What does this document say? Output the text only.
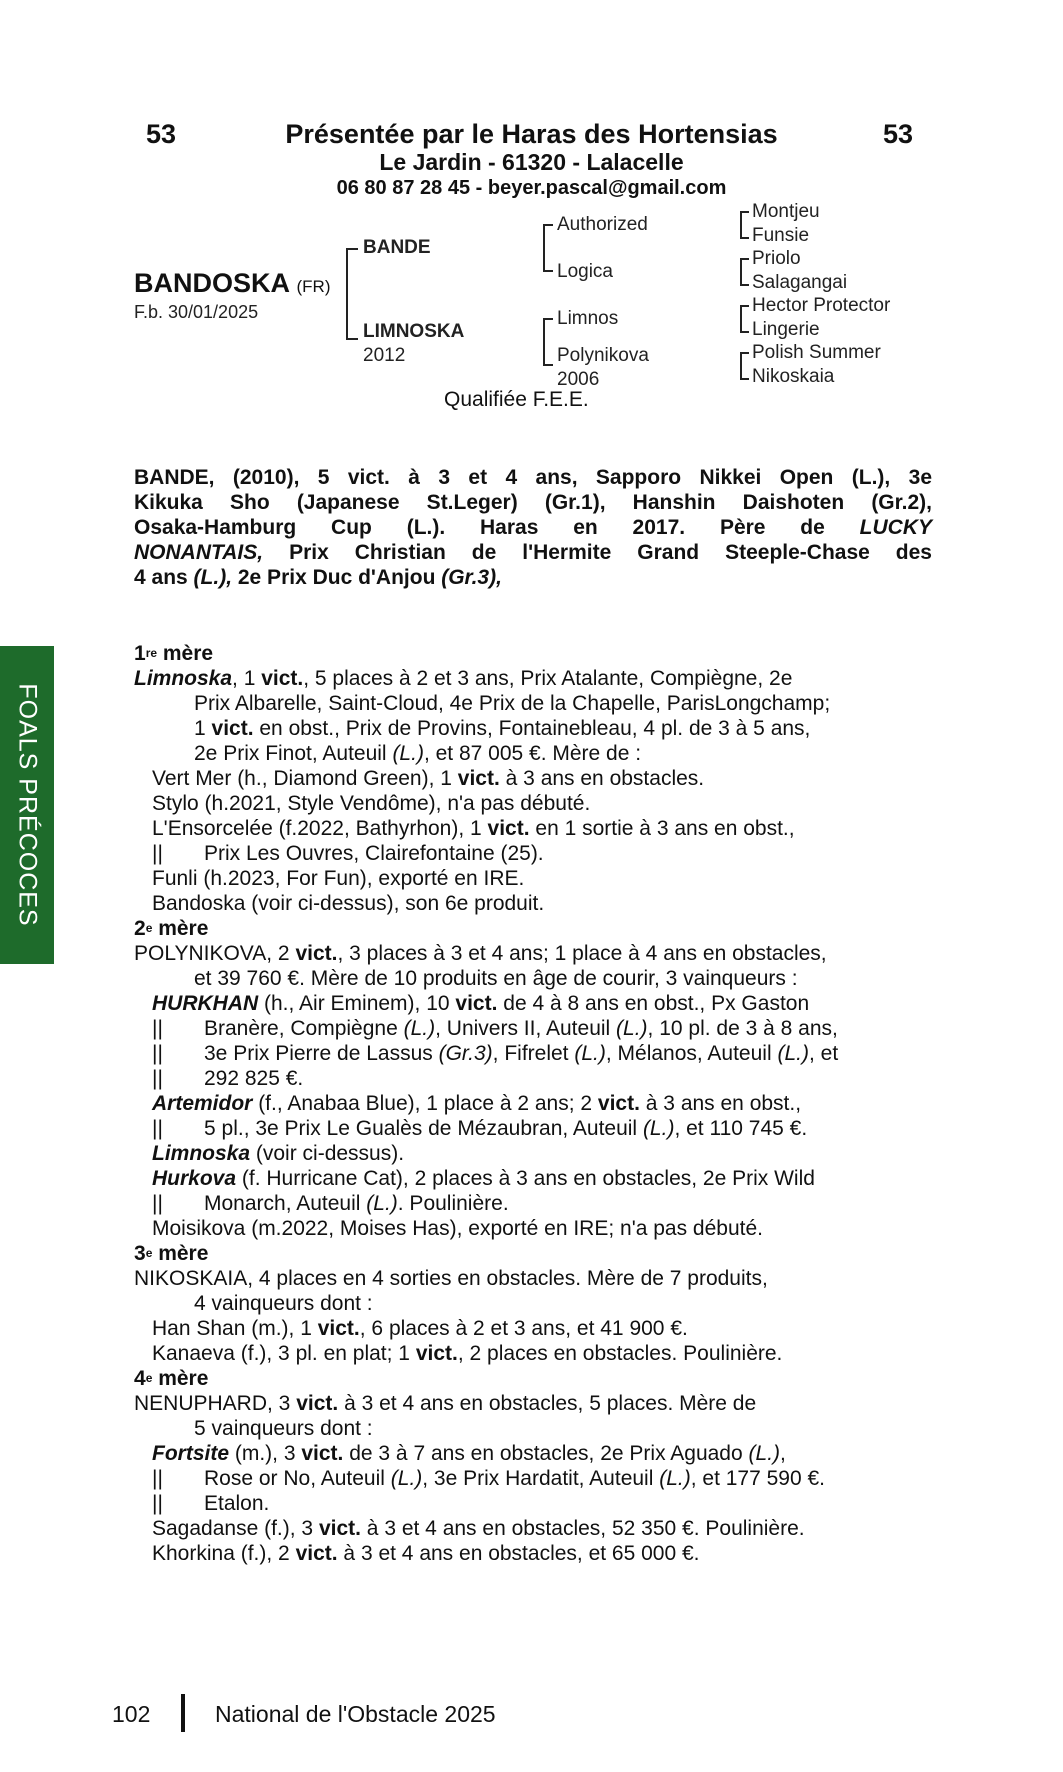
53	53
Présentée par le Haras des Hortensias
Le Jardin - 61320 - Lalacelle
06 80 87 28 45 - beyer.pascal@gmail.com
BANDOSKA (FR)
F.b. 30/01/2025
BANDE
LIMNOSKA
2012
Authorized
Logica
Limnos
Polynikova
2006
Montjeu
Funsie
Priolo
Salagangai
Hector Protector
Lingerie
Polish Summer
Nikoskaia
Qualifiée F.E.E.
BANDE, (2010), 5 vict. à 3 et 4 ans, Sapporo Nikkei Open (L.), 3e
Kikuka Sho (Japanese St.Leger) (Gr.1), Hanshin Daishoten (Gr.2),
Osaka-Hamburg Cup (L.). Haras en 2017. Père de LUCKY
NONANTAIS, Prix Christian de l'Hermite Grand Steeple-Chase des
4 ans (L.), 2e Prix Duc d'Anjou (Gr.3),
FOALS PRÉCOCES
1re mère
Limnoska, 1 vict., 5 places à 2 et 3 ans, Prix Atalante, Compiègne, 2e
Prix Albarelle, Saint-Cloud, 4e Prix de la Chapelle, ParisLongchamp;
1 vict. en obst., Prix de Provins, Fontainebleau, 4 pl. de 3 à 5 ans,
2e Prix Finot, Auteuil (L.), et 87 005 €. Mère de :
Vert Mer (h., Diamond Green), 1 vict. à 3 ans en obstacles.
Stylo (h.2021, Style Vendôme), n'a pas débuté.
L'Ensorcelée (f.2022, Bathyrhon), 1 vict. en 1 sortie à 3 ans en obst.,
|| Prix Les Ouvres, Clairefontaine (25).
Funli (h.2023, For Fun), exporté en IRE.
Bandoska (voir ci-dessus), son 6e produit.
2e mère
POLYNIKOVA, 2 vict., 3 places à 3 et 4 ans; 1 place à 4 ans en obstacles,
et 39 760 €. Mère de 10 produits en âge de courir, 3 vainqueurs :
HURKHAN (h., Air Eminem), 10 vict. de 4 à 8 ans en obst., Px Gaston
|| Branère, Compiègne (L.), Univers II, Auteuil (L.), 10 pl. de 3 à 8 ans,
|| 3e Prix Pierre de Lassus (Gr.3), Fifrelet (L.), Mélanos, Auteuil (L.), et
|| 292 825 €.
Artemidor (f., Anabaa Blue), 1 place à 2 ans; 2 vict. à 3 ans en obst.,
|| 5 pl., 3e Prix Le Gualès de Mézaubran, Auteuil (L.), et 110 745 €.
Limnoska (voir ci-dessus).
Hurkova (f. Hurricane Cat), 2 places à 3 ans en obstacles, 2e Prix Wild
|| Monarch, Auteuil (L.). Poulinière.
Moisikova (m.2022, Moises Has), exporté en IRE; n'a pas débuté.
3e mère
NIKOSKAIA, 4 places en 4 sorties en obstacles. Mère de 7 produits,
4 vainqueurs dont :
Han Shan (m.), 1 vict., 6 places à 2 et 3 ans, et 41 900 €.
Kanaeva (f.), 3 pl. en plat; 1 vict., 2 places en obstacles. Poulinière.
4e mère
NENUPHARD, 3 vict. à 3 et 4 ans en obstacles, 5 places. Mère de
5 vainqueurs dont :
Fortsite (m.), 3 vict. de 3 à 7 ans en obstacles, 2e Prix Aguado (L.),
|| Rose or No, Auteuil (L.), 3e Prix Hardatit, Auteuil (L.), et 177 590 €.
|| Etalon.
Sagadanse (f.), 3 vict. à 3 et 4 ans en obstacles, 52 350 €. Poulinière.
Khorkina (f.), 2 vict. à 3 et 4 ans en obstacles, et 65 000 €.
102	National de l'Obstacle 2025
